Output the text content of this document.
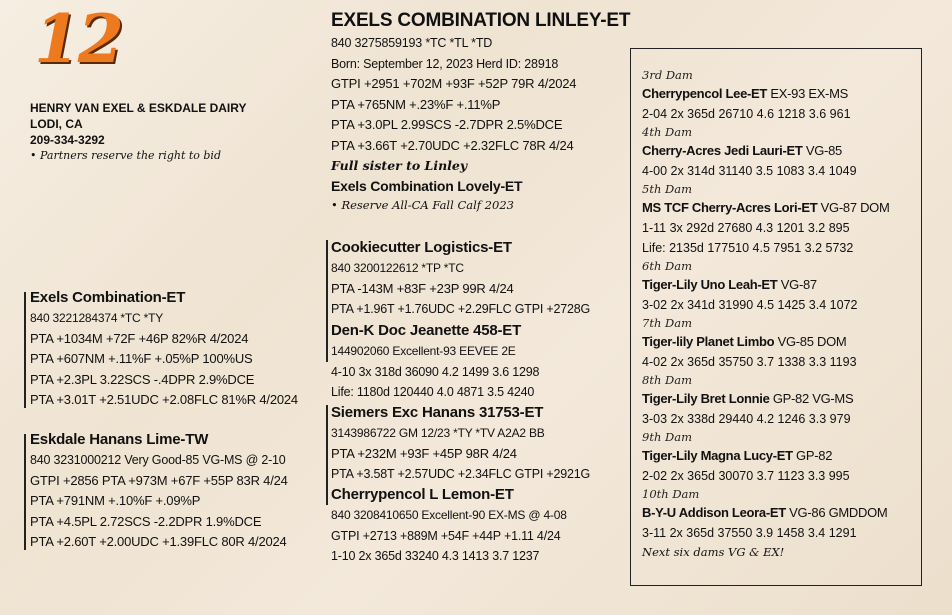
12
HENRY VAN EXEL & ESKDALE DAIRY
LODI, CA
209-334-3292
• Partners reserve the right to bid
EXELS COMBINATION LINLEY-ET
840 3275859193 *TC *TL *TD
Born: September 12, 2023 Herd ID: 28918
GTPI +2951 +702M +93F +52P 79R 4/2024
PTA +765NM +.23%F +.11%P
PTA +3.0PL 2.99SCS -2.7DPR 2.5%DCE
PTA +3.66T +2.70UDC +2.32FLC 78R 4/24
Full sister to Linley
Exels Combination Lovely-ET
• Reserve All-CA Fall Calf 2023
Exels Combination-ET
840 3221284374 *TC *TY
PTA +1034M +72F +46P 82%R 4/2024
PTA +607NM +.11%F +.05%P 100%US
PTA +2.3PL 3.22SCS -.4DPR 2.9%DCE
PTA +3.01T +2.51UDC +2.08FLC 81%R 4/2024
Eskdale Hanans Lime-TW
840 3231000212 Very Good-85 VG-MS @ 2-10
GTPI +2856 PTA +973M +67F +55P 83R 4/24
PTA +791NM +.10%F +.09%P
PTA +4.5PL 2.72SCS -2.2DPR 1.9%DCE
PTA +2.60T +2.00UDC +1.39FLC 80R 4/2024
Cookiecutter Logistics-ET
840 3200122612 *TP *TC
PTA -143M +83F +23P 99R 4/24
PTA +1.96T +1.76UDC +2.29FLC GTPI +2728G
Den-K Doc Jeanette 458-ET
144902060 Excellent-93 EEVEE 2E
4-10 3x 318d 36090 4.2 1499 3.6 1298
Life: 1180d 120440 4.0 4871 3.5 4240
Siemers Exc Hanans 31753-ET
3143986722 GM 12/23 *TY *TV A2A2 BB
PTA +232M +93F +45P 98R 4/24
PTA +3.58T +2.57UDC +2.34FLC GTPI +2921G
Cherrypencol L Lemon-ET
840 3208410650 Excellent-90 EX-MS @ 4-08
GTPI +2713 +889M +54F +44P +1.11 4/24
1-10 2x 365d 33240 4.3 1413 3.7 1237
3rd Dam
Cherrypencol Lee-ET EX-93 EX-MS
2-04 2x 365d 26710 4.6 1218 3.6 961
4th Dam
Cherry-Acres Jedi Lauri-ET VG-85
4-00 2x 314d 31140 3.5 1083 3.4 1049
5th Dam
MS TCF Cherry-Acres Lori-ET VG-87 DOM
1-11 3x 292d 27680 4.3 1201 3.2 895
Life: 2135d 177510 4.5 7951 3.2 5732
6th Dam
Tiger-Lily Uno Leah-ET VG-87
3-02 2x 341d 31990 4.5 1425 3.4 1072
7th Dam
Tiger-lily Planet Limbo VG-85 DOM
4-02 2x 365d 35750 3.7 1338 3.3 1193
8th Dam
Tiger-Lily Bret Lonnie GP-82 VG-MS
3-03 2x 338d 29440 4.2 1246 3.3 979
9th Dam
Tiger-Lily Magna Lucy-ET GP-82
2-02 2x 365d 30070 3.7 1123 3.3 995
10th Dam
B-Y-U Addison Leora-ET VG-86 GMDDOM
3-11 2x 365d 37550 3.9 1458 3.4 1291
Next six dams VG & EX!
